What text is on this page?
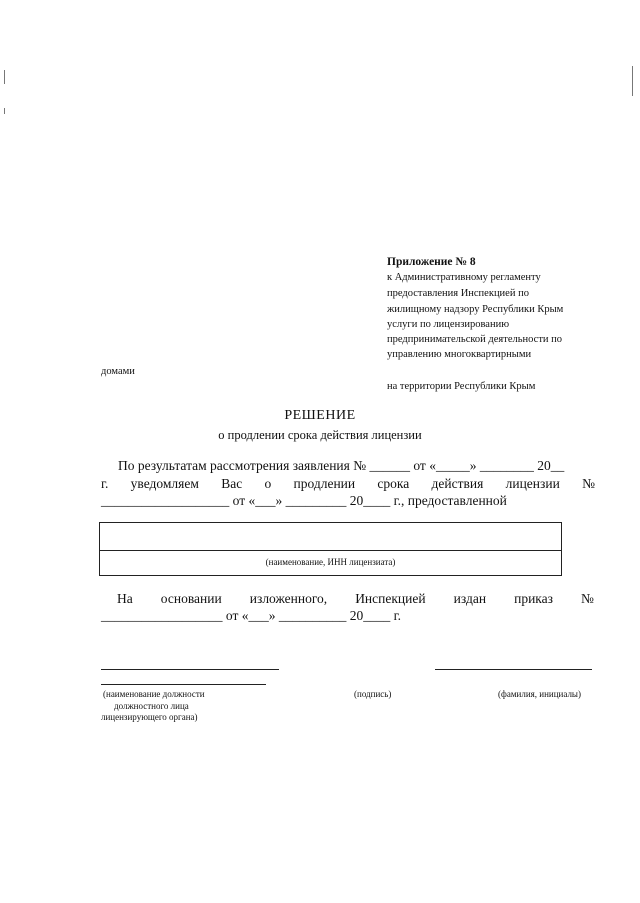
Приложение № 8
к Административному регламенту
предоставления Инспекцией по
жилищному надзору Республики Крым
услуги по лицензированию
предпринимательской деятельности по
управлению многоквартирными
домами
на территории Республики Крым
РЕШЕНИЕ
о продлении срока действия лицензии
По результатам рассмотрения заявления № ______ от «_____» ________ 20__
г. уведомляем Вас о продлении срока действия лицензии №
___________________ от «___» _________ 20____ г., предоставленной
(наименование, ИНН лицензиата)
На основании изложенного, Инспекцией издан приказ №
__________________ от «___» __________ 20____ г.
(наименование должности
должностного лица
лицензирующего органа)
(подпись)	(фамилия, инициалы)
